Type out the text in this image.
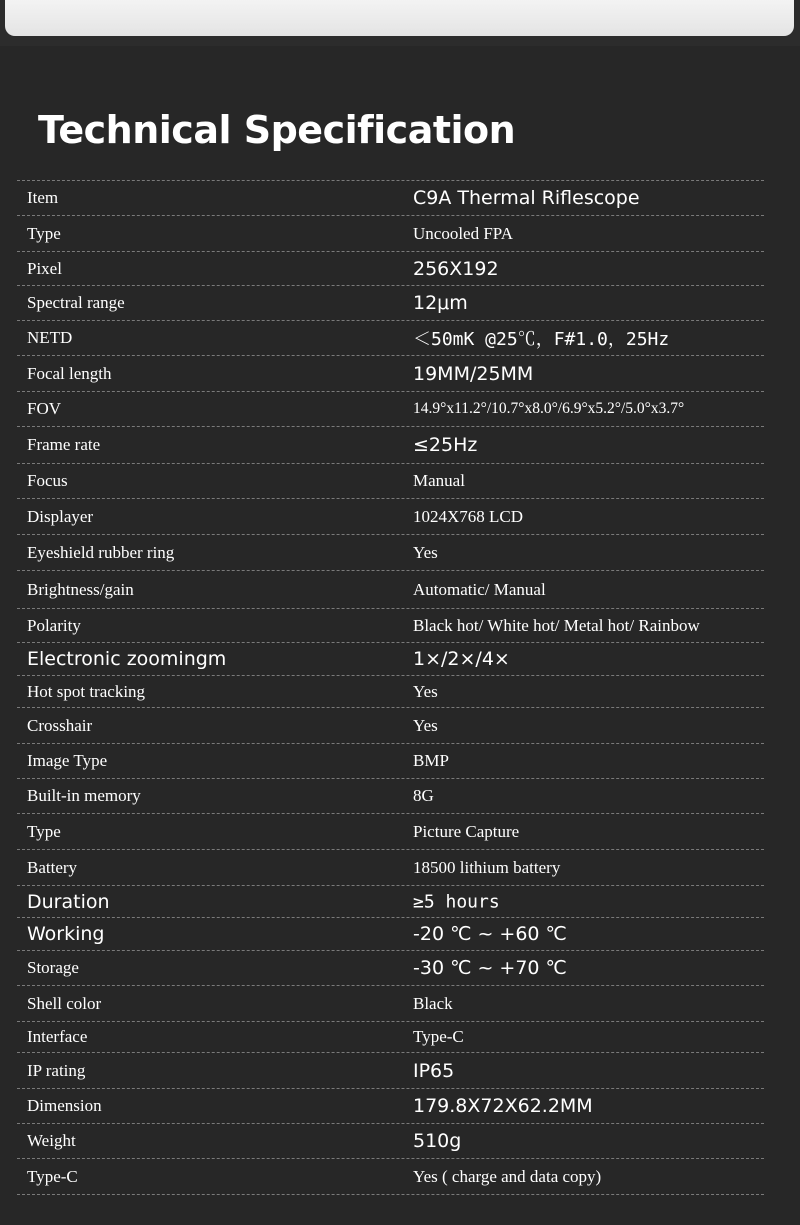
Technical Specification
Item	C9A Thermal Riflescope
Type	Uncooled FPA
Pixel	256X192
Spectral range	12μm
NETD	＜50mK @25℃，F#1.0，25Hz
Focal length	19MM/25MM
FOV	14.9°x11.2°/10.7°x8.0°/6.9°x5.2°/5.0°x3.7°
Frame rate	≤25Hz
Focus	Manual
Displayer	1024X768 LCD
Eyeshield rubber ring	Yes
Brightness/gain	Automatic/ Manual
Polarity	Black hot/ White hot/ Metal hot/ Rainbow
Electronic zoomingm	1×/2×/4×
Hot spot tracking	Yes
Crosshair	Yes
Image Type	BMP
Built-in memory	8G
Type	Picture Capture
Battery	18500 lithium battery
Duration	≥5 hours
Working	-20 ℃ ~ +60 ℃
Storage	-30 ℃ ~ +70 ℃
Shell color	Black
Interface	Type-C
IP rating	IP65
Dimension	179.8X72X62.2MM
Weight	510g
Type-C	Yes ( charge and data copy)
